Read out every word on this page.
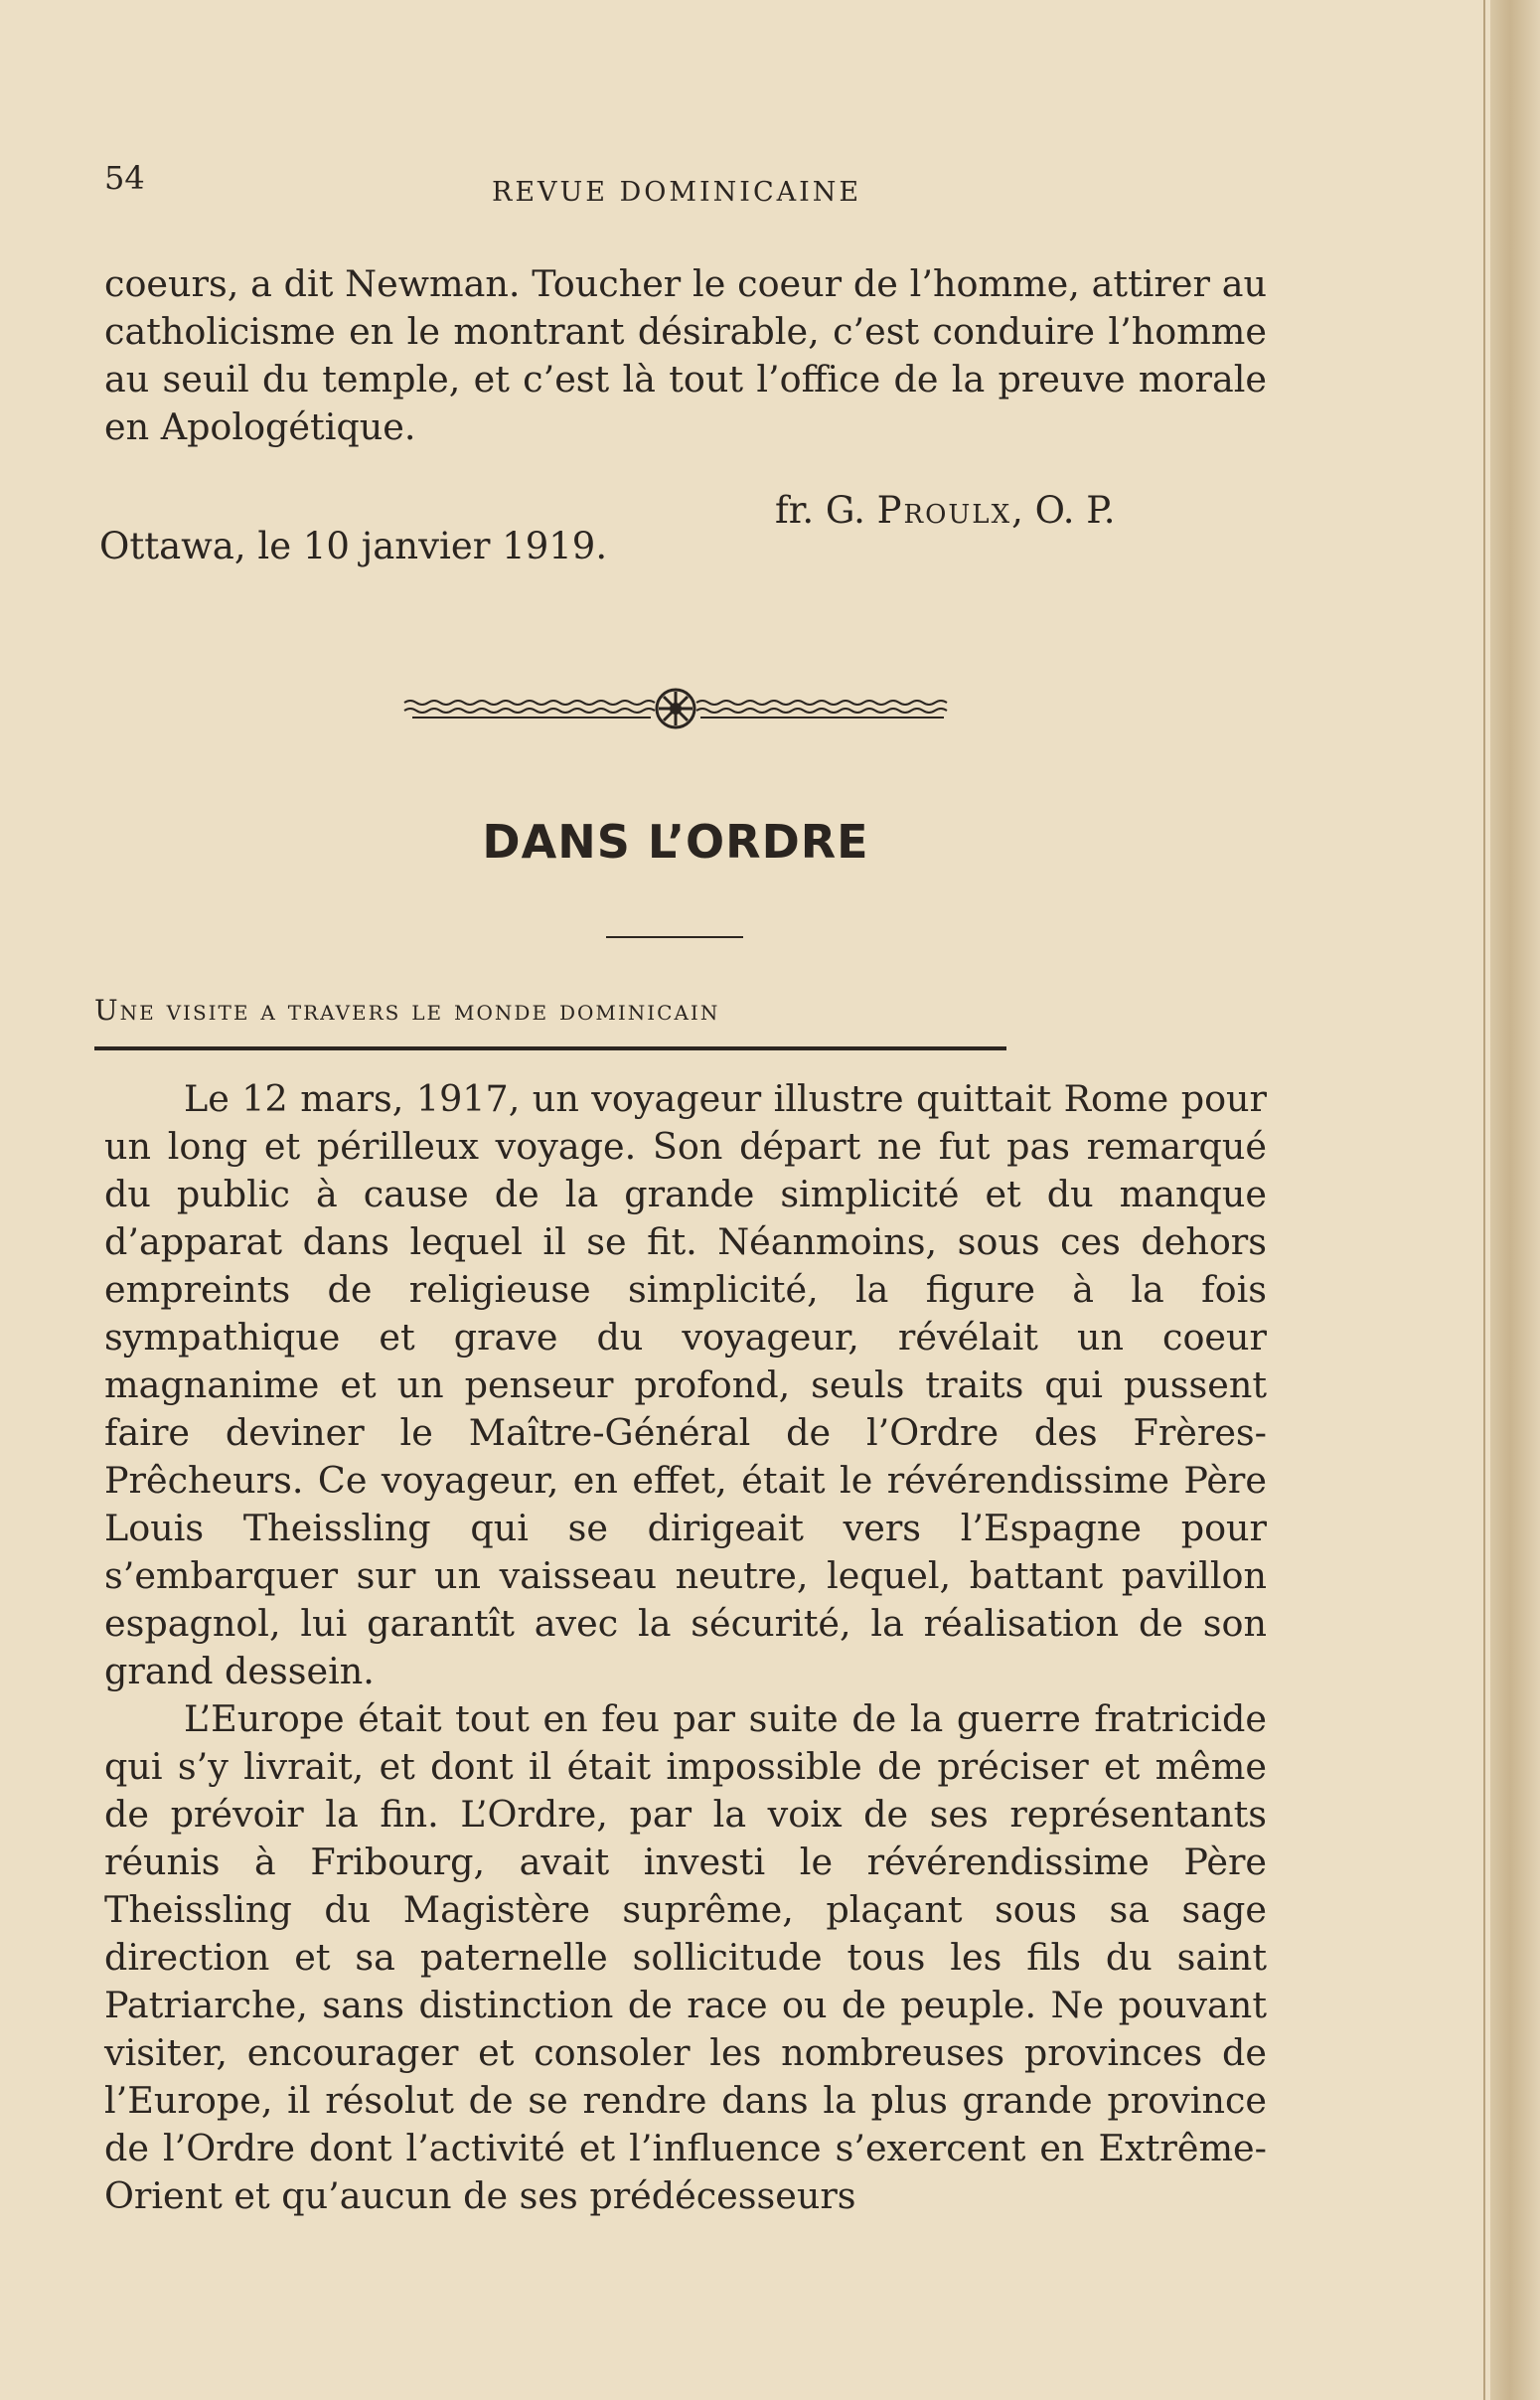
54	REVUE DOMINICAINE

coeurs, a dit Newman. Toucher le coeur de l’homme, attirer au catholicisme en le montrant désirable, c’est conduire l’homme au seuil du temple, et c’est là tout l’office de la preuve morale en Apologétique.

fr. G. Proulx, O. P.
Ottawa, le 10 janvier 1919.
DANS L’ORDRE
Une visite a travers le monde dominicain

Le 12 mars, 1917, un voyageur illustre quittait Rome pour un long et périlleux voyage. Son départ ne fut pas remarqué du public à cause de la grande simplicité et du manque d’apparat dans lequel il se fit. Néanmoins, sous ces dehors empreints de religieuse simplicité, la figure à la fois sympathique et grave du voyageur, révélait un coeur magnanime et un penseur profond, seuls traits qui pussent faire deviner le Maître-Général de l’Ordre des Frères-Prêcheurs. Ce voyageur, en effet, était le révérendissime Père Louis Theissling qui se dirigeait vers l’Espagne pour s’embarquer sur un vaisseau neutre, lequel, battant pavillon espagnol, lui garantît avec la sécurité, la réalisation de son grand dessein.

L’Europe était tout en feu par suite de la guerre fratricide qui s’y livrait, et dont il était impossible de préciser et même de prévoir la fin. L’Ordre, par la voix de ses représentants réunis à Fribourg, avait investi le révérendissime Père Theissling du Magistère suprême, plaçant sous sa sage direction et sa paternelle sollicitude tous les fils du saint Patriarche, sans distinction de race ou de peuple. Ne pouvant visiter, encourager et consoler les nombreuses provinces de l’Europe, il résolut de se rendre dans la plus grande province de l’Ordre dont l’activité et l’influence s’exercent en Extrême-Orient et qu’aucun de ses prédécesseurs
